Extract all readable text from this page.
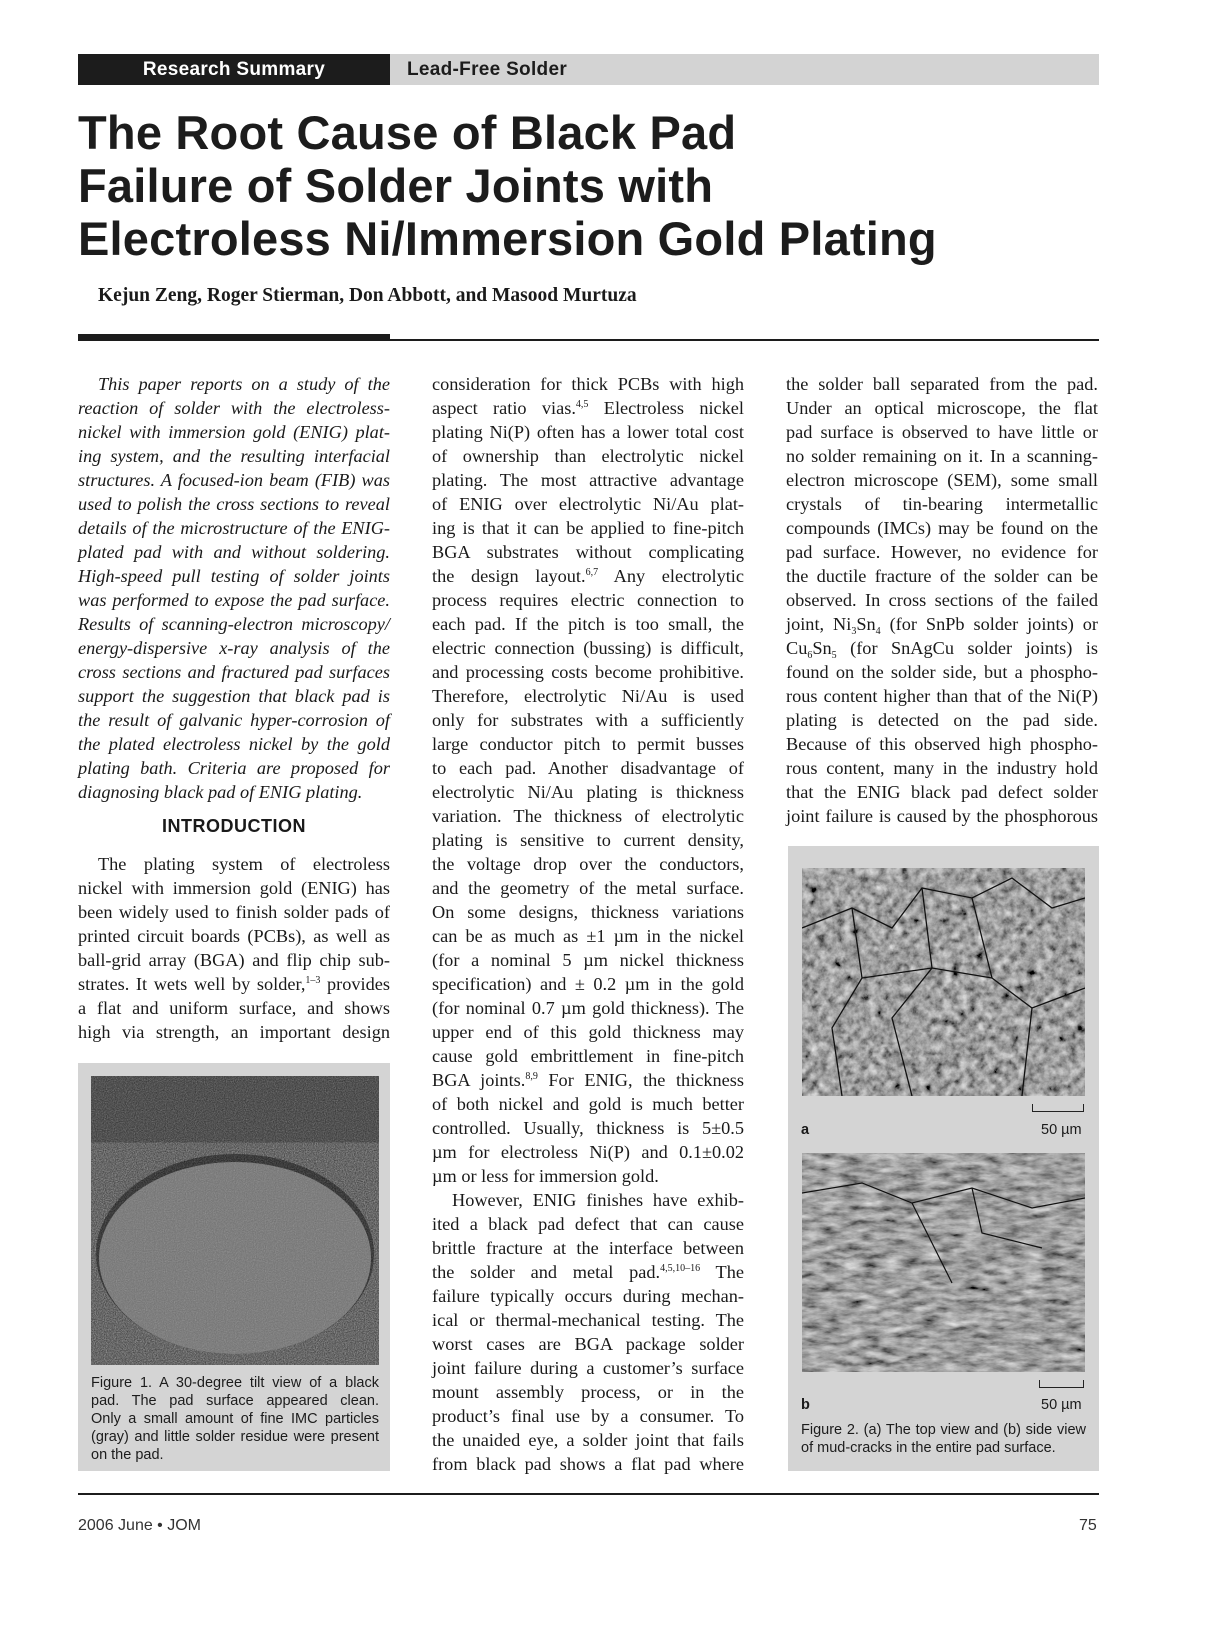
Research Summary	Lead-Free Solder
The Root Cause of Black Pad
Failure of Solder Joints with
Electroless Ni/Immersion Gold Plating
Kejun Zeng, Roger Stierman, Don Abbott, and Masood Murtuza
This paper reports on a study of the
reaction of solder with the electroless-
nickel with immersion gold (ENIG) plat-
ing system, and the resulting interfacial
structures. A focused-ion beam (FIB) was
used to polish the cross sections to reveal
details of the microstructure of the ENIG-
plated pad with and without soldering.
High-speed pull testing of solder joints
was performed to expose the pad surface.
Results of scanning-electron microscopy/
energy-dispersive x-ray analysis of the
cross sections and fractured pad surfaces
support the suggestion that black pad is
the result of galvanic hyper-corrosion of
the plated electroless nickel by the gold
plating bath. Criteria are proposed for
diagnosing black pad of ENIG plating.
INTRODUCTION
The plating system of electroless
nickel with immersion gold (ENIG) has
been widely used to finish solder pads of
printed circuit boards (PCBs), as well as
ball-grid array (BGA) and flip chip sub-
strates. It wets well by solder,$^{1-3}$ provides
a flat and uniform surface, and shows
high via strength, an important design
consideration for thick PCBs with high
aspect ratio vias.$^{4,5}$ Electroless nickel
plating Ni(P) often has a lower total cost
of ownership than electrolytic nickel
plating. The most attractive advantage
of ENIG over electrolytic Ni/Au plat-
ing is that it can be applied to fine-pitch
BGA substrates without complicating
the design layout.$^{6,7}$ Any electrolytic
process requires electric connection to
each pad. If the pitch is too small, the
electric connection (bussing) is difficult,
and processing costs become prohibitive.
Therefore, electrolytic Ni/Au is used
only for substrates with a sufficiently
large conductor pitch to permit busses
to each pad. Another disadvantage of
electrolytic Ni/Au plating is thickness
variation. The thickness of electrolytic
plating is sensitive to current density,
the voltage drop over the conductors,
and the geometry of the metal surface.
On some designs, thickness variations
can be as much as ±1 µm in the nickel
(for a nominal 5 µm nickel thickness
specification) and ± 0.2 µm in the gold
(for nominal 0.7 µm gold thickness). The
upper end of this gold thickness may
cause gold embrittlement in fine-pitch
BGA joints.$^{8,9}$ For ENIG, the thickness
of both nickel and gold is much better
controlled. Usually, thickness is 5±0.5
µm for electroless Ni(P) and 0.1±0.02
µm or less for immersion gold.
However, ENIG finishes have exhib-
ited a black pad defect that can cause
brittle fracture at the interface between
the solder and metal pad.$^{4,5,10-16}$ The
failure typically occurs during mechan-
ical or thermal-mechanical testing. The
worst cases are BGA package solder
joint failure during a customer’s surface
mount assembly process, or in the
product’s final use by a consumer. To
the unaided eye, a solder joint that fails
from black pad shows a flat pad where
the solder ball separated from the pad.
Under an optical microscope, the flat
pad surface is observed to have little or
no solder remaining on it. In a scanning-
electron microscope (SEM), some small
crystals of tin-bearing intermetallic
compounds (IMCs) may be found on the
pad surface. However, no evidence for
the ductile fracture of the solder can be
observed. In cross sections of the failed
joint, $Ni_3Sn_4$ (for SnPb solder joints) or
$Cu_6Sn_5$ (for SnAgCu solder joints) is
found on the solder side, but a phospho-
rous content higher than that of the Ni(P)
plating is detected on the pad side.
Because of this observed high phospho-
rous content, many in the industry hold
that the ENIG black pad defect solder
joint failure is caused by the phosphorous
Figure 1. A 30-degree tilt view of a black
pad. The pad surface appeared clean.
Only a small amount of fine IMC particles
(gray) and little solder residue were present
on the pad.
a	50 µm
b	50 µm
Figure 2. (a) The top view and (b) side view
of mud-cracks in the entire pad surface.
2006 June • JOM	75
